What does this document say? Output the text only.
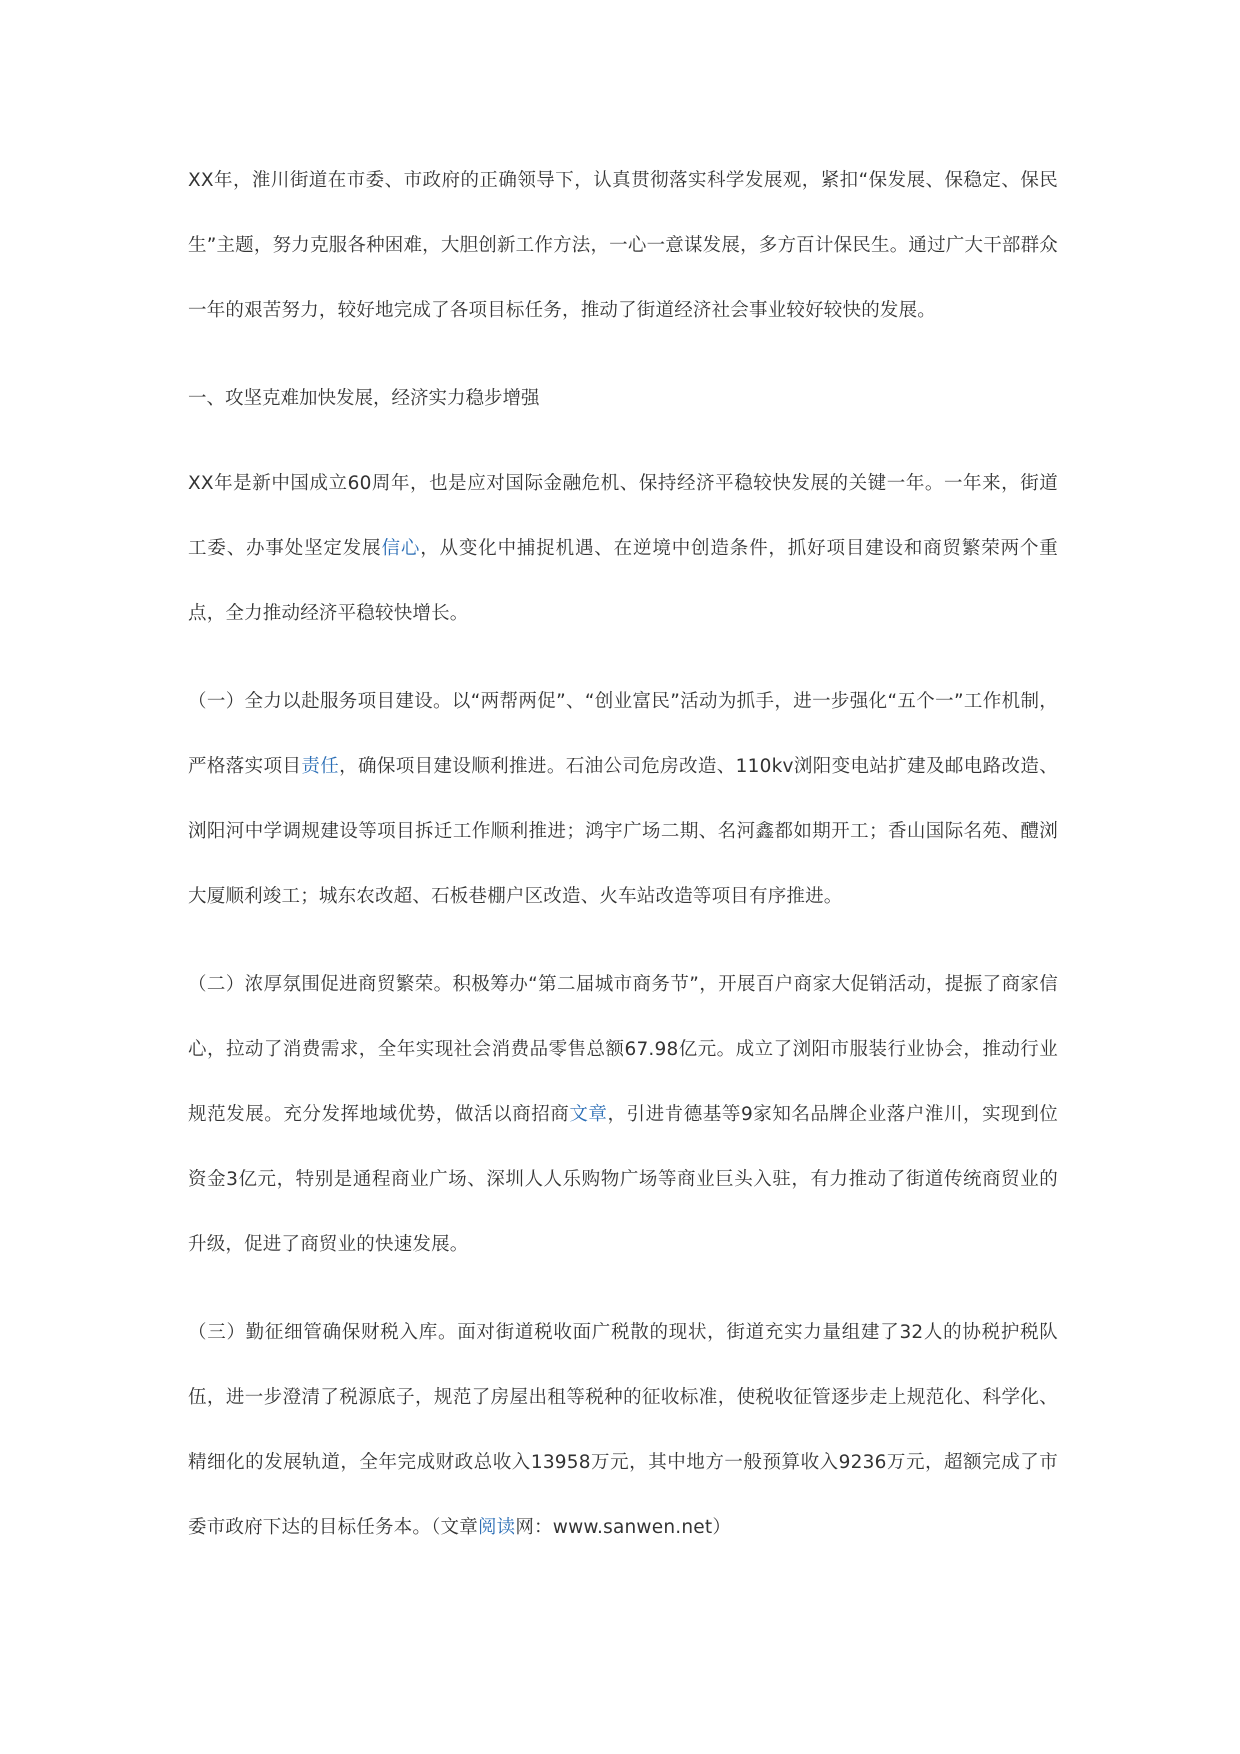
XX年，淮川街道在市委、市政府的正确领导下，认真贯彻落实科学发展观，紧扣“保发展、保稳定、保民生”主题，努力克服各种困难，大胆创新工作方法，一心一意谋发展，多方百计保民生。通过广大干部群众一年的艰苦努力，较好地完成了各项目标任务，推动了街道经济社会事业较好较快的发展。

一、攻坚克难加快发展，经济实力稳步增强

XX年是新中国成立60周年，也是应对国际金融危机、保持经济平稳较快发展的关键一年。一年来，街道工委、办事处坚定发展信心，从变化中捕捉机遇、在逆境中创造条件，抓好项目建设和商贸繁荣两个重点，全力推动经济平稳较快增长。

（一）全力以赴服务项目建设。以“两帮两促”、“创业富民”活动为抓手，进一步强化“五个一”工作机制，严格落实项目责任，确保项目建设顺利推进。石油公司危房改造、110kv浏阳变电站扩建及邮电路改造、浏阳河中学调规建设等项目拆迁工作顺利推进；鸿宇广场二期、名河鑫都如期开工；香山国际名苑、醴浏大厦顺利竣工；城东农改超、石板巷棚户区改造、火车站改造等项目有序推进。

（二）浓厚氛围促进商贸繁荣。积极筹办“第二届城市商务节”，开展百户商家大促销活动，提振了商家信心，拉动了消费需求，全年实现社会消费品零售总额67.98亿元。成立了浏阳市服装行业协会，推动行业规范发展。充分发挥地域优势，做活以商招商文章，引进肯德基等9家知名品牌企业落户淮川，实现到位资金3亿元，特别是通程商业广场、深圳人人乐购物广场等商业巨头入驻，有力推动了街道传统商贸业的升级，促进了商贸业的快速发展。

（三）勤征细管确保财税入库。面对街道税收面广税散的现状，街道充实力量组建了32人的协税护税队伍，进一步澄清了税源底子，规范了房屋出租等税种的征收标准，使税收征管逐步走上规范化、科学化、精细化的发展轨道，全年完成财政总收入13958万元，其中地方一般预算收入9236万元，超额完成了市委市政府下达的目标任务本。（文章阅读网：www.sanwen.net）
